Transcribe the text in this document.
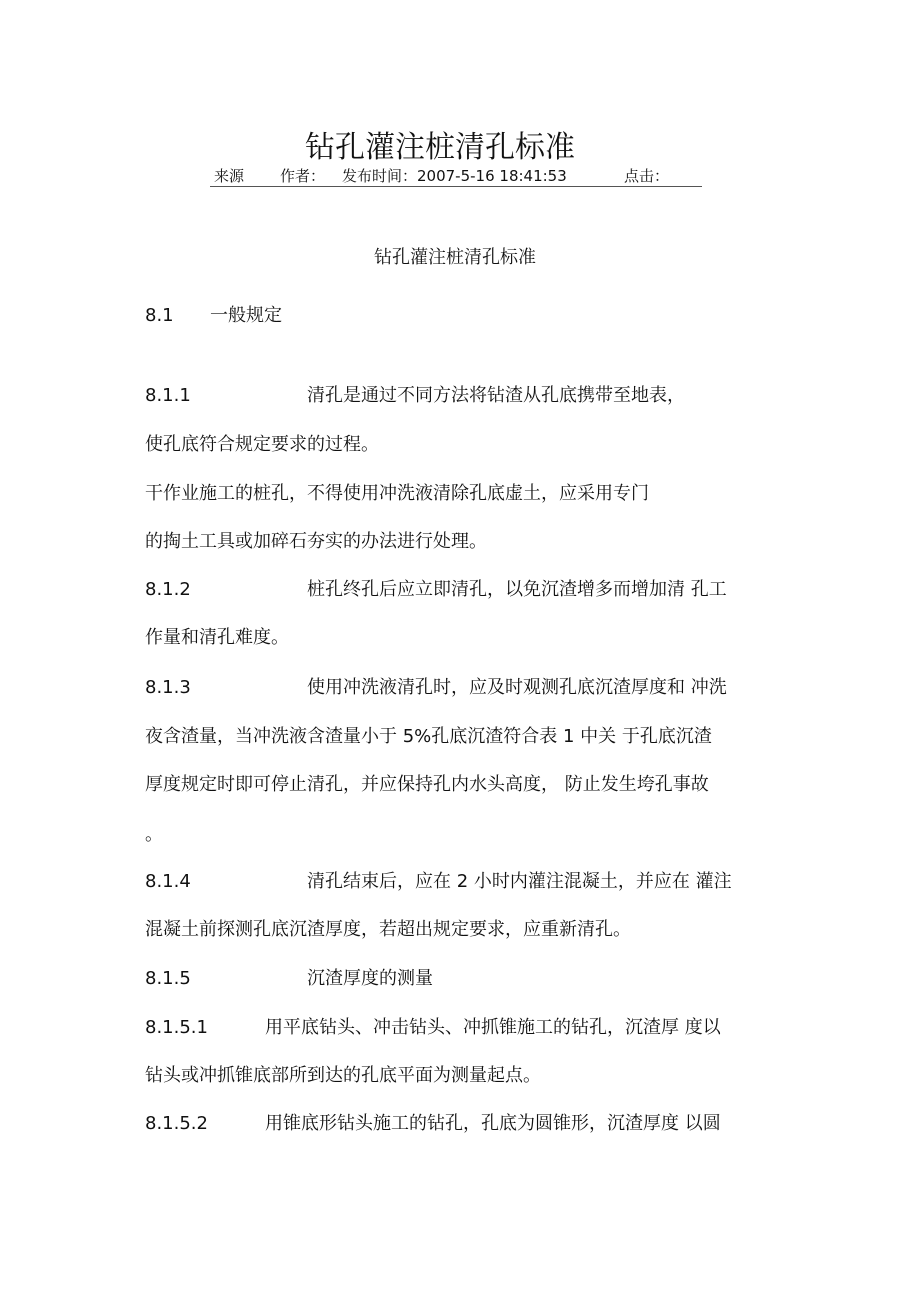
钻孔灌注桩清孔标准
来源 作者： 发布时间：2007-5-16 18:41:53	点击：
钻孔灌注桩清孔标准
8.1 一般规定
8.1.1	清孔是通过不同方法将钻渣从孔底携带至地表，
使孔底符合规定要求的过程。
干作业施工的桩孔，不得使用冲洗液清除孔底虚土，应采用专门
的掏土工具或加碎石夯实的办法进行处理。
8.1.2	桩孔终孔后应立即清孔，以免沉渣增多而增加清 孔工
作量和清孔难度。
8.1.3	使用冲洗液清孔时，应及时观测孔底沉渣厚度和 冲洗
夜含渣量，当冲洗液含渣量小于 5%孔底沉渣符合表 1 中关 于孔底沉渣
厚度规定时即可停止清孔，并应保持孔内水头高度， 防止发生垮孔事故
。
8.1.4	清孔结束后，应在 2 小时内灌注混凝土，并应在 灌注
混凝土前探测孔底沉渣厚度，若超出规定要求，应重新清孔。
8.1.5	沉渣厚度的测量
8.1.5.1	用平底钻头、冲击钻头、冲抓锥施工的钻孔，沉渣厚 度以
钻头或冲抓锥底部所到达的孔底平面为测量起点。
8.1.5.2	用锥底形钻头施工的钻孔，孔底为圆锥形，沉渣厚度 以圆
